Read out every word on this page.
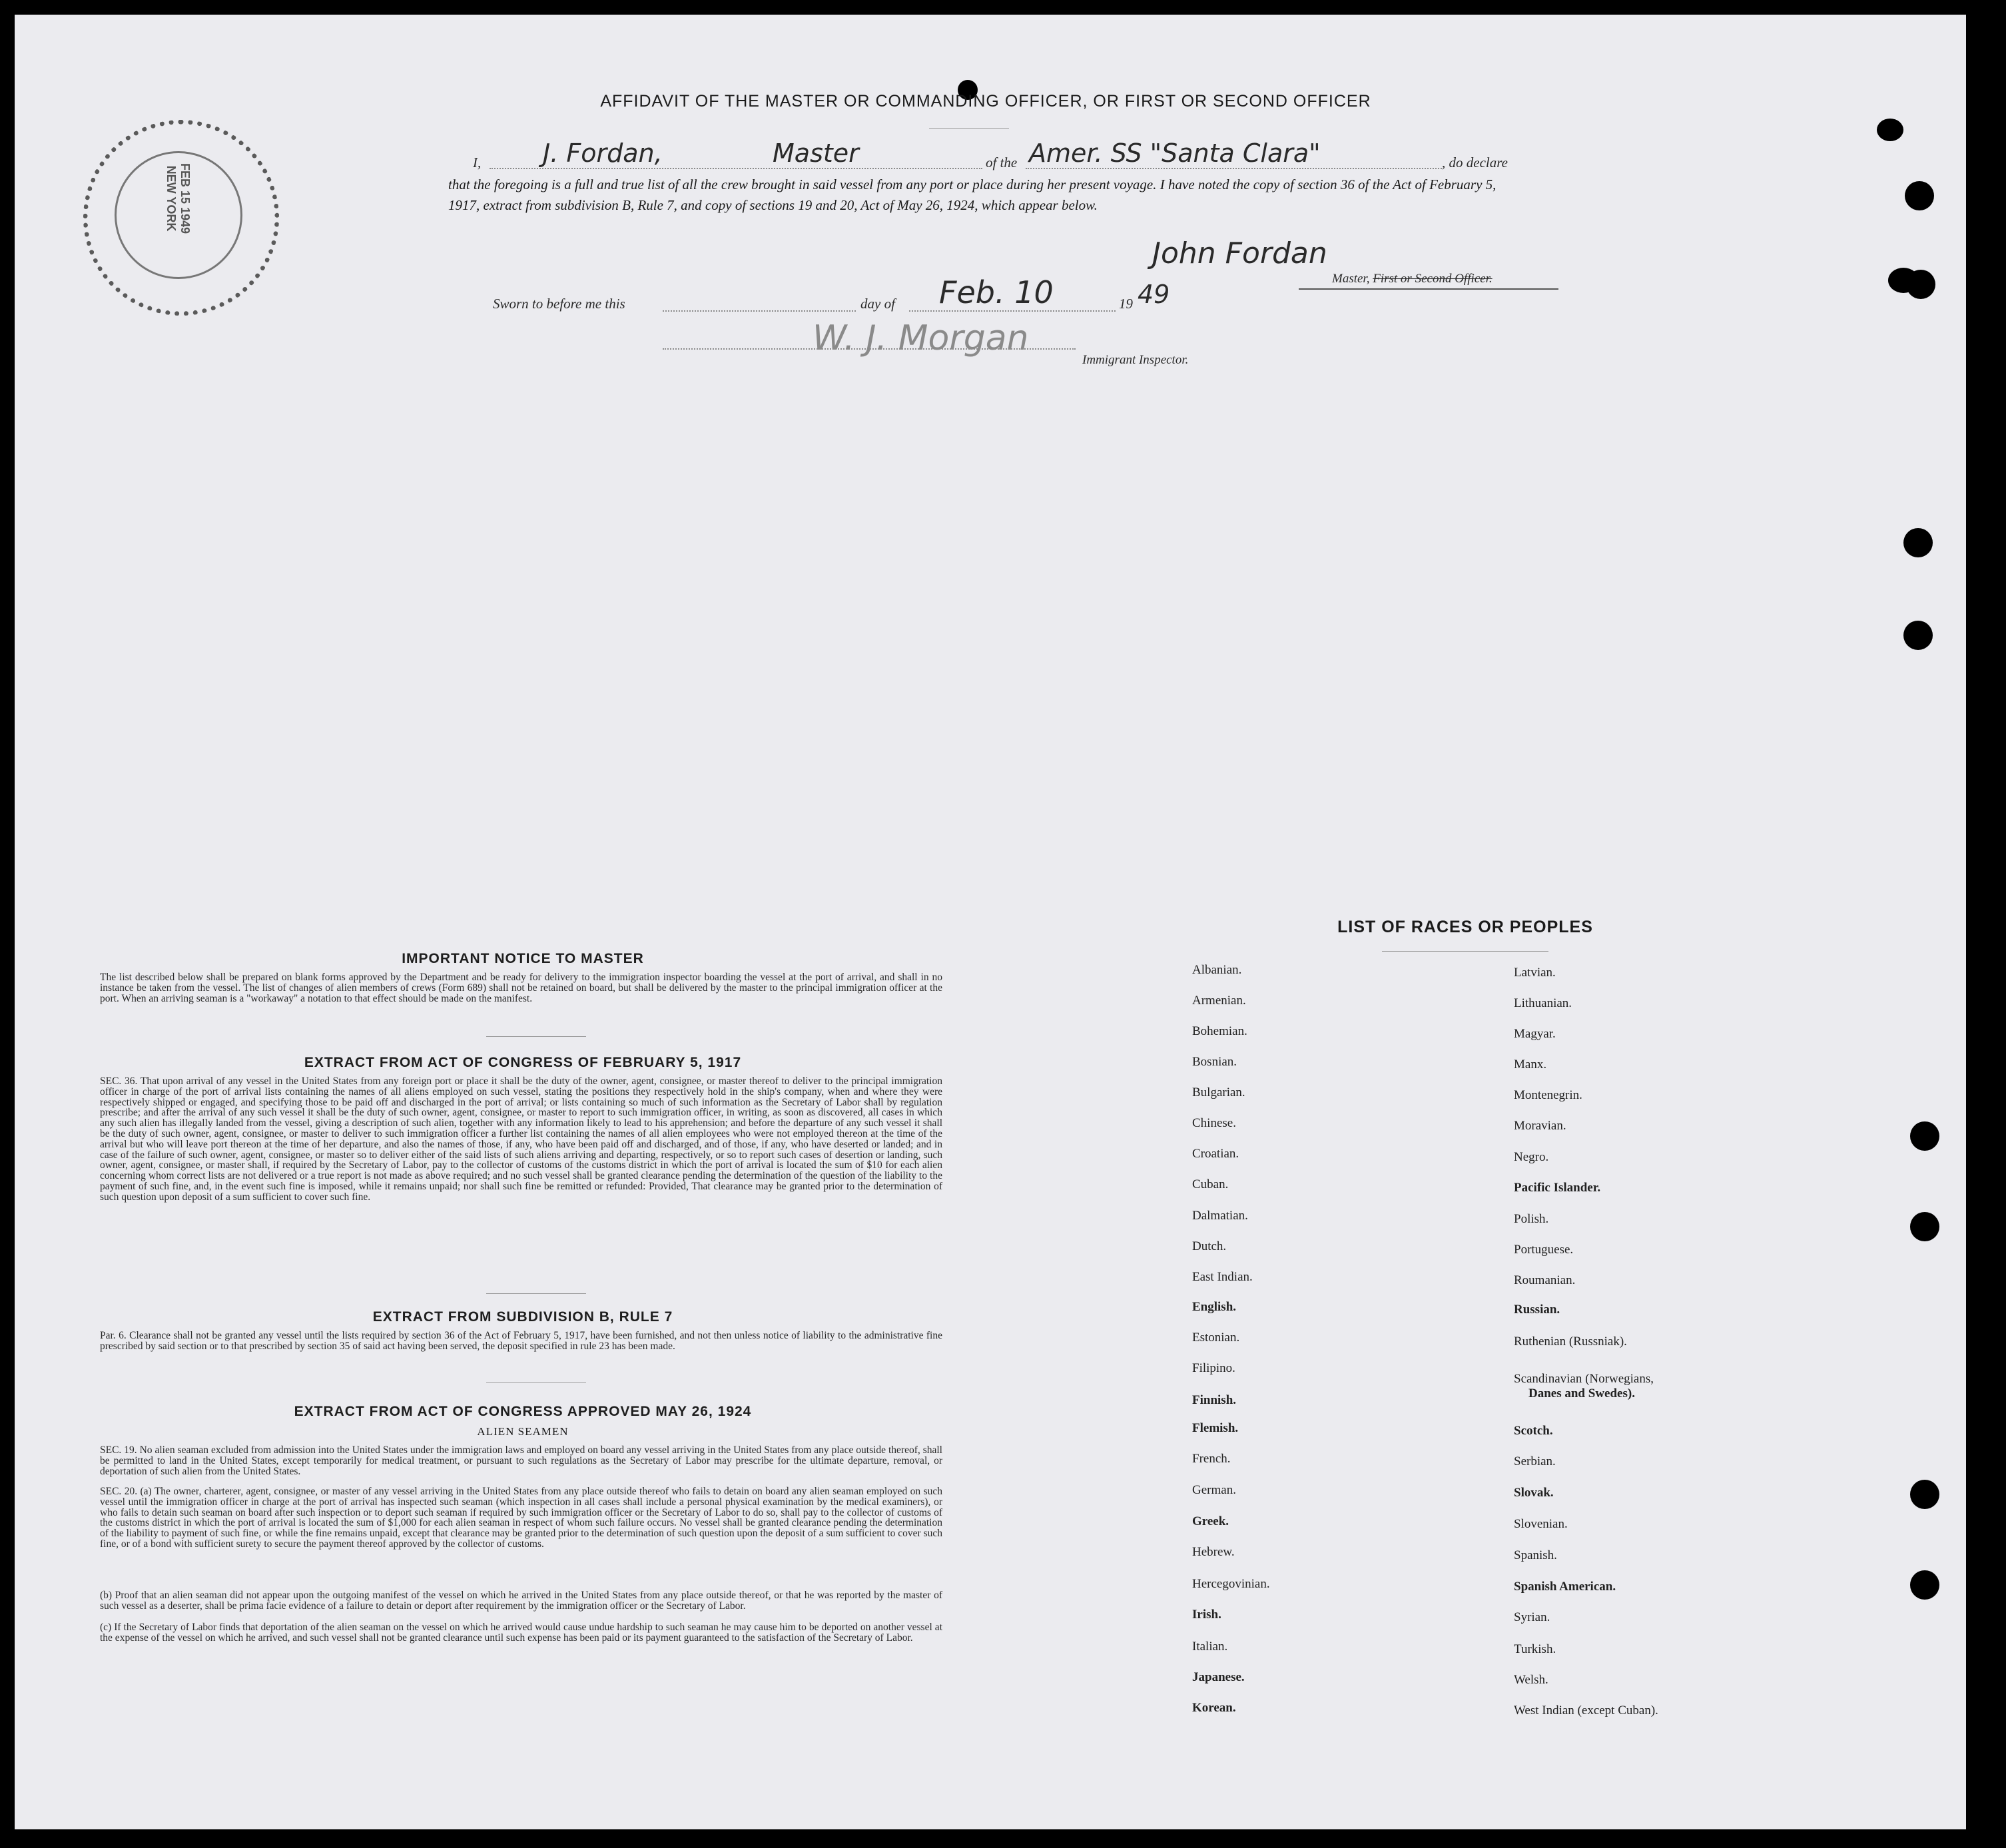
AFFIDAVIT OF THE MASTER OR COMMANDING OFFICER, OR FIRST OR SECOND OFFICER
FEB 15 1949 NEW YORK
I, J. Fordan,	Master	of the Amer. SS "Santa Clara"	, do declare
that the foregoing is a full and true list of all the crew brought in said vessel from any port or place during her present voyage. I have noted the copy of section 36 of the Act of February 5, 1917, extract from subdivision B, Rule 7, and copy of sections 19 and 20, Act of May 26, 1924, which appear below.
John Fordan
Master, First or Second Officer.
Sworn to before me this	day of Feb. 10	19 49
W. J. Morgan
Immigrant Inspector.
IMPORTANT NOTICE TO MASTER
The list described below shall be prepared on blank forms approved by the Department and be ready for delivery to the immigration inspector boarding the vessel at the port of arrival, and shall in no instance be taken from the vessel. The list of changes of alien members of crews (Form 689) shall not be retained on board, but shall be delivered by the master to the principal immigration officer at the port. When an arriving seaman is a "workaway" a notation to that effect should be made on the manifest.
EXTRACT FROM ACT OF CONGRESS OF FEBRUARY 5, 1917
SEC. 36. That upon arrival of any vessel in the United States from any foreign port or place it shall be the duty of the owner, agent, consignee, or master thereof to deliver to the principal immigration officer in charge of the port of arrival lists containing the names of all aliens employed on such vessel, stating the positions they respectively hold in the ship's company, when and where they were respectively shipped or engaged, and specifying those to be paid off and discharged in the port of arrival; or lists containing so much of such information as the Secretary of Labor shall by regulation prescribe; and after the arrival of any such vessel it shall be the duty of such owner, agent, consignee, or master to report to such immigration officer, in writing, as soon as discovered, all cases in which any such alien has illegally landed from the vessel, giving a description of such alien, together with any information likely to lead to his apprehension; and before the departure of any such vessel it shall be the duty of such owner, agent, consignee, or master to deliver to such immigration officer a further list containing the names of all alien employees who were not employed thereon at the time of the arrival but who will leave port thereon at the time of her departure, and also the names of those, if any, who have been paid off and discharged, and of those, if any, who have deserted or landed; and in case of the failure of such owner, agent, consignee, or master so to deliver either of the said lists of such aliens arriving and departing, respectively, or so to report such cases of desertion or landing, such owner, agent, consignee, or master shall, if required by the Secretary of Labor, pay to the collector of customs of the customs district in which the port of arrival is located the sum of $10 for each alien concerning whom correct lists are not delivered or a true report is not made as above required; and no such vessel shall be granted clearance pending the determination of the question of the liability to the payment of such fine, and, in the event such fine is imposed, while it remains unpaid; nor shall such fine be remitted or refunded: Provided, That clearance may be granted prior to the determination of such question upon deposit of a sum sufficient to cover such fine.
EXTRACT FROM SUBDIVISION B, RULE 7
Par. 6. Clearance shall not be granted any vessel until the lists required by section 36 of the Act of February 5, 1917, have been furnished, and not then unless notice of liability to the administrative fine prescribed by said section or to that prescribed by section 35 of said act having been served, the deposit specified in rule 23 has been made.
EXTRACT FROM ACT OF CONGRESS APPROVED MAY 26, 1924
ALIEN SEAMEN
SEC. 19. No alien seaman excluded from admission into the United States under the immigration laws and employed on board any vessel arriving in the United States from any place outside thereof, shall be permitted to land in the United States, except temporarily for medical treatment, or pursuant to such regulations as the Secretary of Labor may prescribe for the ultimate departure, removal, or deportation of such alien from the United States.
SEC. 20. (a) The owner, charterer, agent, consignee, or master of any vessel arriving in the United States from any place outside thereof who fails to detain on board any alien seaman employed on such vessel until the immigration officer in charge at the port of arrival has inspected such seaman (which inspection in all cases shall include a personal physical examination by the medical examiners), or who fails to detain such seaman on board after such inspection or to deport such seaman if required by such immigration officer or the Secretary of Labor to do so, shall pay to the collector of customs of the customs district in which the port of arrival is located the sum of $1,000 for each alien seaman in respect of whom such failure occurs. No vessel shall be granted clearance pending the determination of the liability to payment of such fine, or while the fine remains unpaid, except that clearance may be granted prior to the determination of such question upon the deposit of a sum sufficient to cover such fine, or of a bond with sufficient surety to secure the payment thereof approved by the collector of customs.
(b) Proof that an alien seaman did not appear upon the outgoing manifest of the vessel on which he arrived in the United States from any place outside thereof, or that he was reported by the master of such vessel as a deserter, shall be prima facie evidence of a failure to detain or deport after requirement by the immigration officer or the Secretary of Labor.
(c) If the Secretary of Labor finds that deportation of the alien seaman on the vessel on which he arrived would cause undue hardship to such seaman he may cause him to be deported on another vessel at the expense of the vessel on which he arrived, and such vessel shall not be granted clearance until such expense has been paid or its payment guaranteed to the satisfaction of the Secretary of Labor.
LIST OF RACES OR PEOPLES
Albanian.
Armenian.
Bohemian.
Bosnian.
Bulgarian.
Chinese.
Croatian.
Cuban.
Dalmatian.
Dutch.
East Indian.
English.
Estonian.
Filipino.
Finnish.
Flemish.
French.
German.
Greek.
Hebrew.
Hercegovinian.
Irish.
Italian.
Japanese.
Korean.
Latvian.
Lithuanian.
Magyar.
Manx.
Montenegrin.
Moravian.
Negro.
Pacific Islander.
Polish.
Portuguese.
Roumanian.
Russian.
Ruthenian (Russniak).
Scandinavian (Norwegians,
Danes and Swedes).
Scotch.
Serbian.
Slovak.
Slovenian.
Spanish.
Spanish American.
Syrian.
Turkish.
Welsh.
West Indian (except Cuban).
